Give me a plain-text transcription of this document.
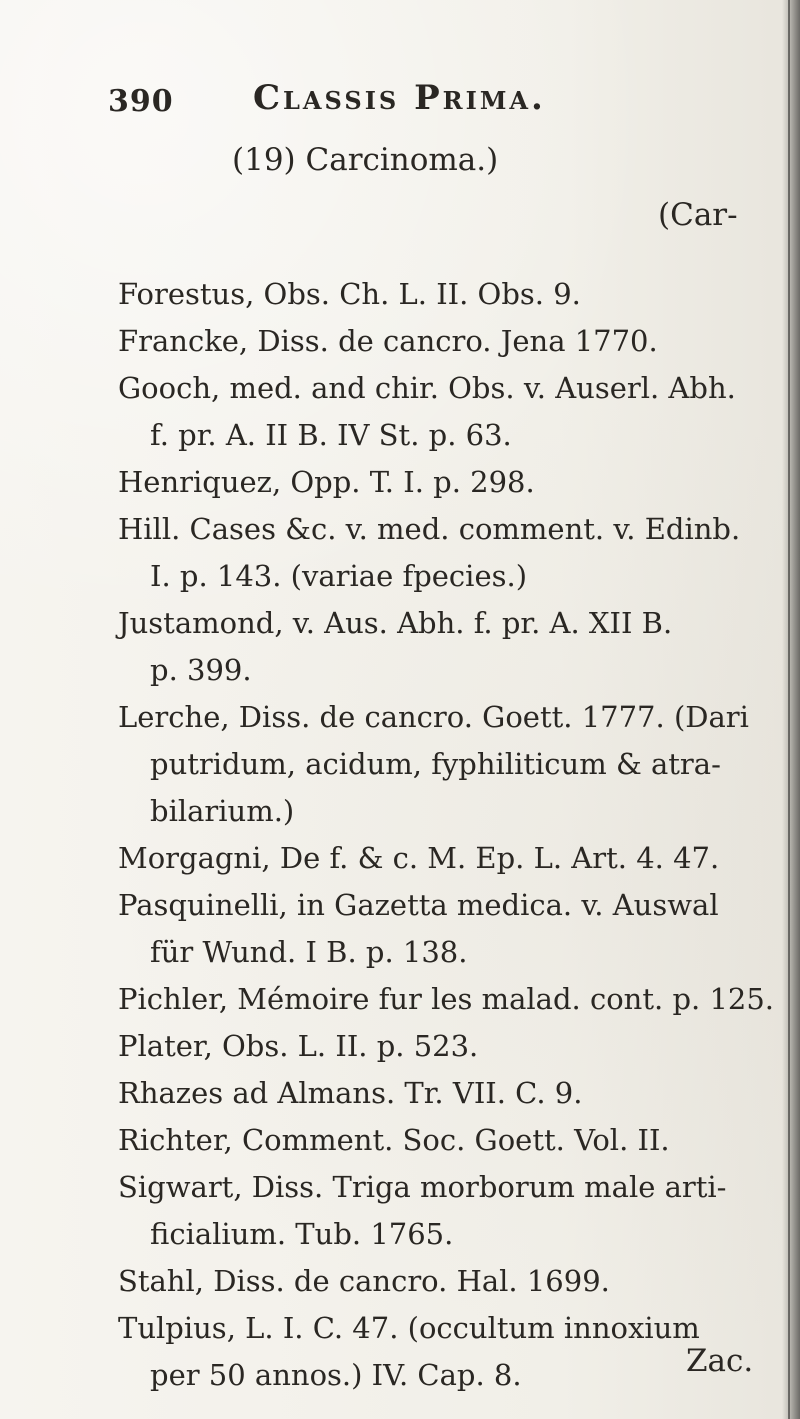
390 Classis Prima.
(19) Carcinoma.)
(Car-
Forestus, Obs. Ch. L. II. Obs. 9.
Francke, Diss. de cancro. Jena 1770.
Gooch, med. and chir. Obs. v. Auserl. Abh.
f. pr. A. II B. IV St. p. 63.
Henriquez, Opp. T. I. p. 298.
Hill. Cases &c. v. med. comment. v. Edinb.
I. p. 143. (variae fpecies.)
Justamond, v. Aus. Abh. f. pr. A. XII B.
p. 399.
Lerche, Diss. de cancro. Goett. 1777. (Dari
putridum, acidum, fyphiliticum & atra-
bilarium.)
Morgagni, De f. & c. M. Ep. L. Art. 4. 47.
Pasquinelli, in Gazetta medica. v. Auswal
für Wund. I B. p. 138.
Pichler, Mémoire fur les malad. cont. p. 125.
Plater, Obs. L. II. p. 523.
Rhazes ad Almans. Tr. VII. C. 9.
Richter, Comment. Soc. Goett. Vol. II.
Sigwart, Diss. Triga morborum male arti-
ficialium. Tub. 1765.
Stahl, Diss. de cancro. Hal. 1699.
Tulpius, L. I. C. 47. (occultum innoxium
per 50 annos.) IV. Cap. 8.	Zac.
